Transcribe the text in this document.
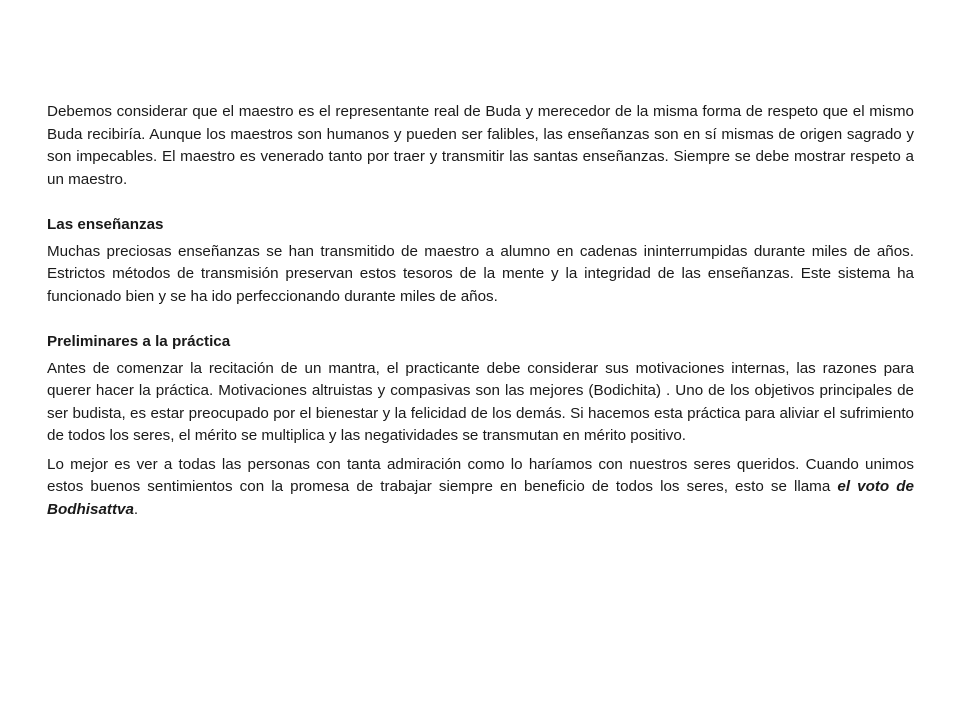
Debemos considerar que el maestro es el representante real de Buda y merecedor de la misma forma de respeto que el mismo Buda recibiría. Aunque los maestros son humanos y pueden ser falibles, las enseñanzas son en sí mismas de origen sagrado y son impecables. El maestro es venerado tanto por traer y transmitir las santas enseñanzas. Siempre se debe mostrar respeto a un maestro.

Las enseñanzas

Muchas preciosas enseñanzas se han transmitido de maestro a alumno en cadenas ininterrumpidas durante miles de años. Estrictos métodos de transmisión preservan estos tesoros de la mente y la integridad de las enseñanzas. Este sistema ha funcionado bien y se ha ido perfeccionando durante miles de años.

Preliminares a la práctica

Antes de comenzar la recitación de un mantra, el practicante debe considerar sus motivaciones internas, las razones para querer hacer la práctica. Motivaciones altruistas y compasivas son las mejores (Bodichita) . Uno de los objetivos principales de ser budista, es estar preocupado por el bienestar y la felicidad de los demás. Si hacemos esta práctica para aliviar el sufrimiento de todos los seres, el mérito se multiplica y las negatividades se transmutan en mérito positivo.

Lo mejor es ver a todas las personas con tanta admiración como lo haríamos con nuestros seres queridos. Cuando unimos estos buenos sentimientos con la promesa de trabajar siempre en beneficio de todos los seres, esto se llama el voto de Bodhisattva.
